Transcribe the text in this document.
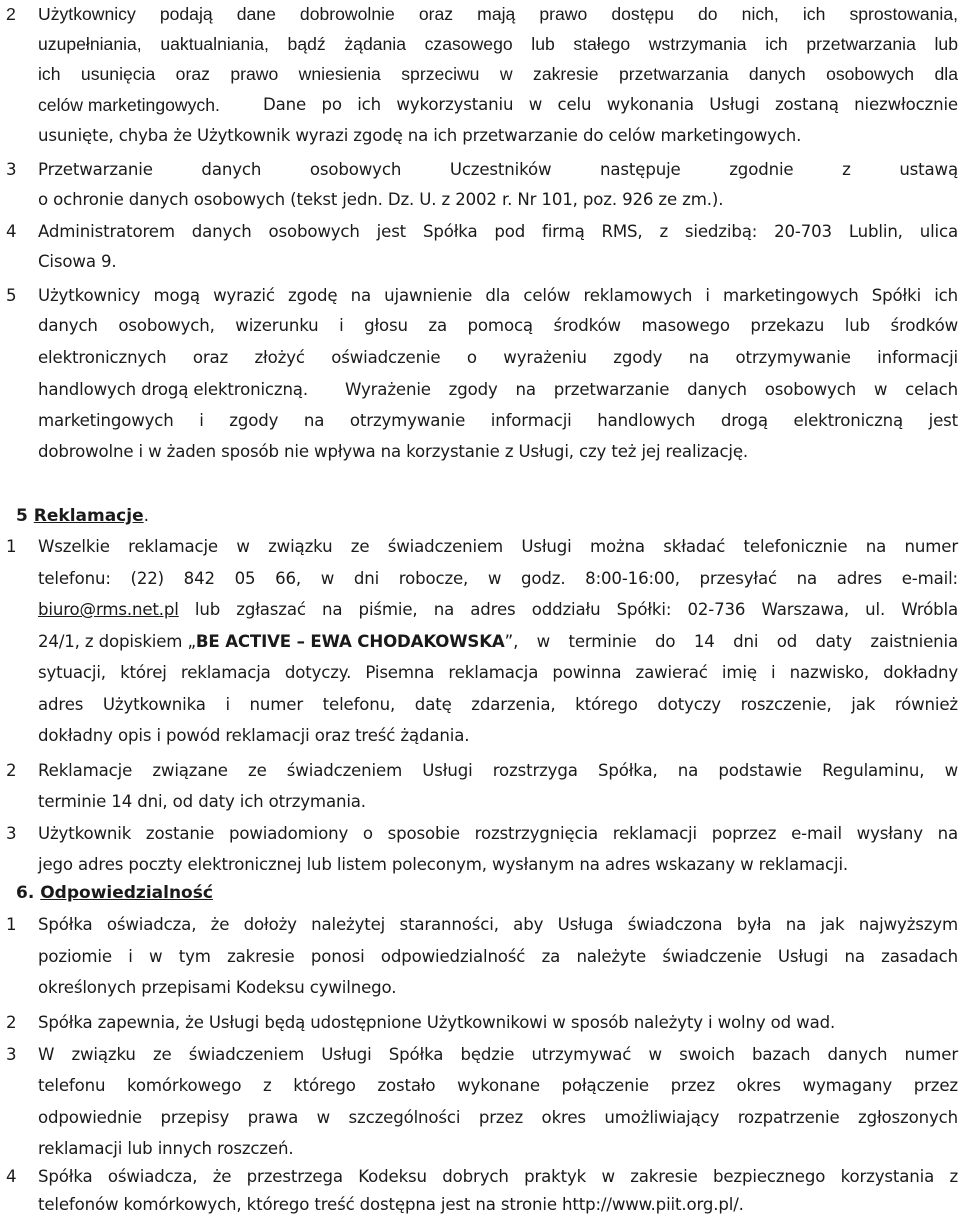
2	Użytkownicy podają dane dobrowolnie oraz mają prawo dostępu do nich, ich sprostowania,
uzupełniania, uaktualniania, bądź żądania czasowego lub stałego wstrzymania ich przetwarzania lub
ich usunięcia oraz prawo wniesienia sprzeciwu w zakresie przetwarzania danych osobowych dla
celów marketingowych.	Dane po ich wykorzystaniu w celu wykonania Usługi zostaną niezwłocznie
usunięte, chyba że Użytkownik wyrazi zgodę na ich przetwarzanie do celów marketingowych.
3	Przetwarzanie danych osobowych Uczestników następuje zgodnie z ustawą
o ochronie danych osobowych (tekst jedn. Dz. U. z 2002 r. Nr 101, poz. 926 ze zm.).
4	Administratorem danych osobowych jest Spółka pod firmą RMS, z siedzibą: 20-703 Lublin, ulica
Cisowa 9.
5	Użytkownicy mogą wyrazić zgodę na ujawnienie dla celów reklamowych i marketingowych Spółki ich
danych osobowych, wizerunku i głosu za pomocą środków masowego przekazu lub środków
elektronicznych oraz złożyć oświadczenie o wyrażeniu zgody na otrzymywanie informacji
handlowych drogą elektroniczną. Wyrażenie zgody na przetwarzanie danych osobowych w celach
marketingowych i zgody na otrzymywanie informacji handlowych drogą elektroniczną jest
dobrowolne i w żaden sposób nie wpływa na korzystanie z Usługi, czy też jej realizację.
5 Reklamacje.
1	Wszelkie reklamacje w związku ze świadczeniem Usługi można składać telefonicznie na numer
telefonu: (22) 842 05 66, w dni robocze, w godz. 8:00-16:00, przesyłać na adres e-mail:
biuro@rms.net.pl lub zgłaszać na piśmie, na adres oddziału Spółki: 02-736 Warszawa, ul. Wróbla
24/1, z dopiskiem „ BE ACTIVE – EWA CHODAKOWSKA ”, w terminie do 14 dni od daty zaistnienia
sytuacji, której reklamacja dotyczy. Pisemna reklamacja powinna zawierać imię i nazwisko, dokładny
adres Użytkownika i numer telefonu, datę zdarzenia, którego dotyczy roszczenie, jak również
dokładny opis i powód reklamacji oraz treść żądania.
2	Reklamacje związane ze świadczeniem Usługi rozstrzyga Spółka, na podstawie Regulaminu, w
terminie 14 dni, od daty ich otrzymania.
3	Użytkownik zostanie powiadomiony o sposobie rozstrzygnięcia reklamacji poprzez e-mail wysłany na
jego adres poczty elektronicznej lub listem poleconym, wysłanym na adres wskazany w reklamacji.
6. Odpowiedzialność
1	Spółka oświadcza, że dołoży należytej staranności, aby Usługa świadczona była na jak najwyższym
poziomie i w tym zakresie ponosi odpowiedzialność za należyte świadczenie Usługi na zasadach
określonych przepisami Kodeksu cywilnego.
2	Spółka zapewnia, że Usługi będą udostępnione Użytkownikowi w sposób należyty i wolny od wad.
3	W związku ze świadczeniem Usługi Spółka będzie utrzymywać w swoich bazach danych numer
telefonu komórkowego z którego zostało wykonane połączenie przez okres wymagany przez
odpowiednie przepisy prawa w szczególności przez okres umożliwiający rozpatrzenie zgłoszonych
reklamacji lub innych roszczeń.
4	Spółka oświadcza, że przestrzega Kodeksu dobrych praktyk w zakresie bezpiecznego korzystania z
telefonów komórkowych, którego treść dostępna jest na stronie http://www.piit.org.pl/.
